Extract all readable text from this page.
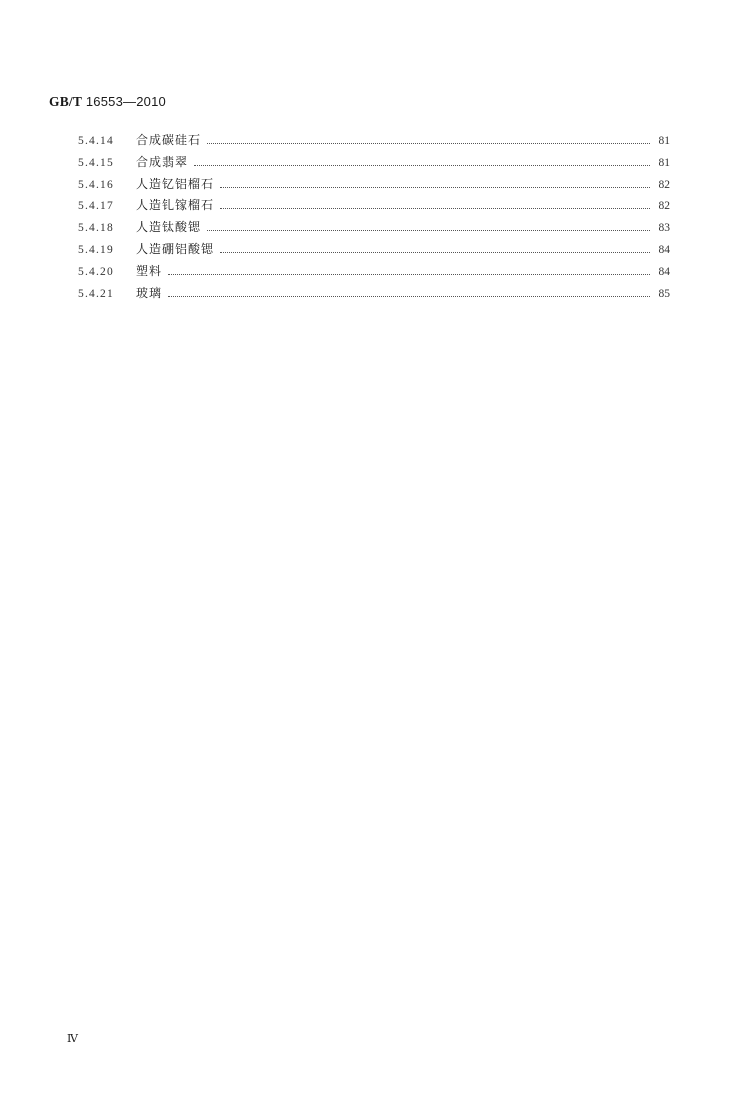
GB/T 16553—2010
5.4.14	合成碳硅石	81
5.4.15	合成翡翠	81
5.4.16	人造钇铝榴石	82
5.4.17	人造钆镓榴石	82
5.4.18	人造钛酸锶	83
5.4.19	人造硼铝酸锶	84
5.4.20	塑料	84
5.4.21	玻璃	85
Ⅳ
